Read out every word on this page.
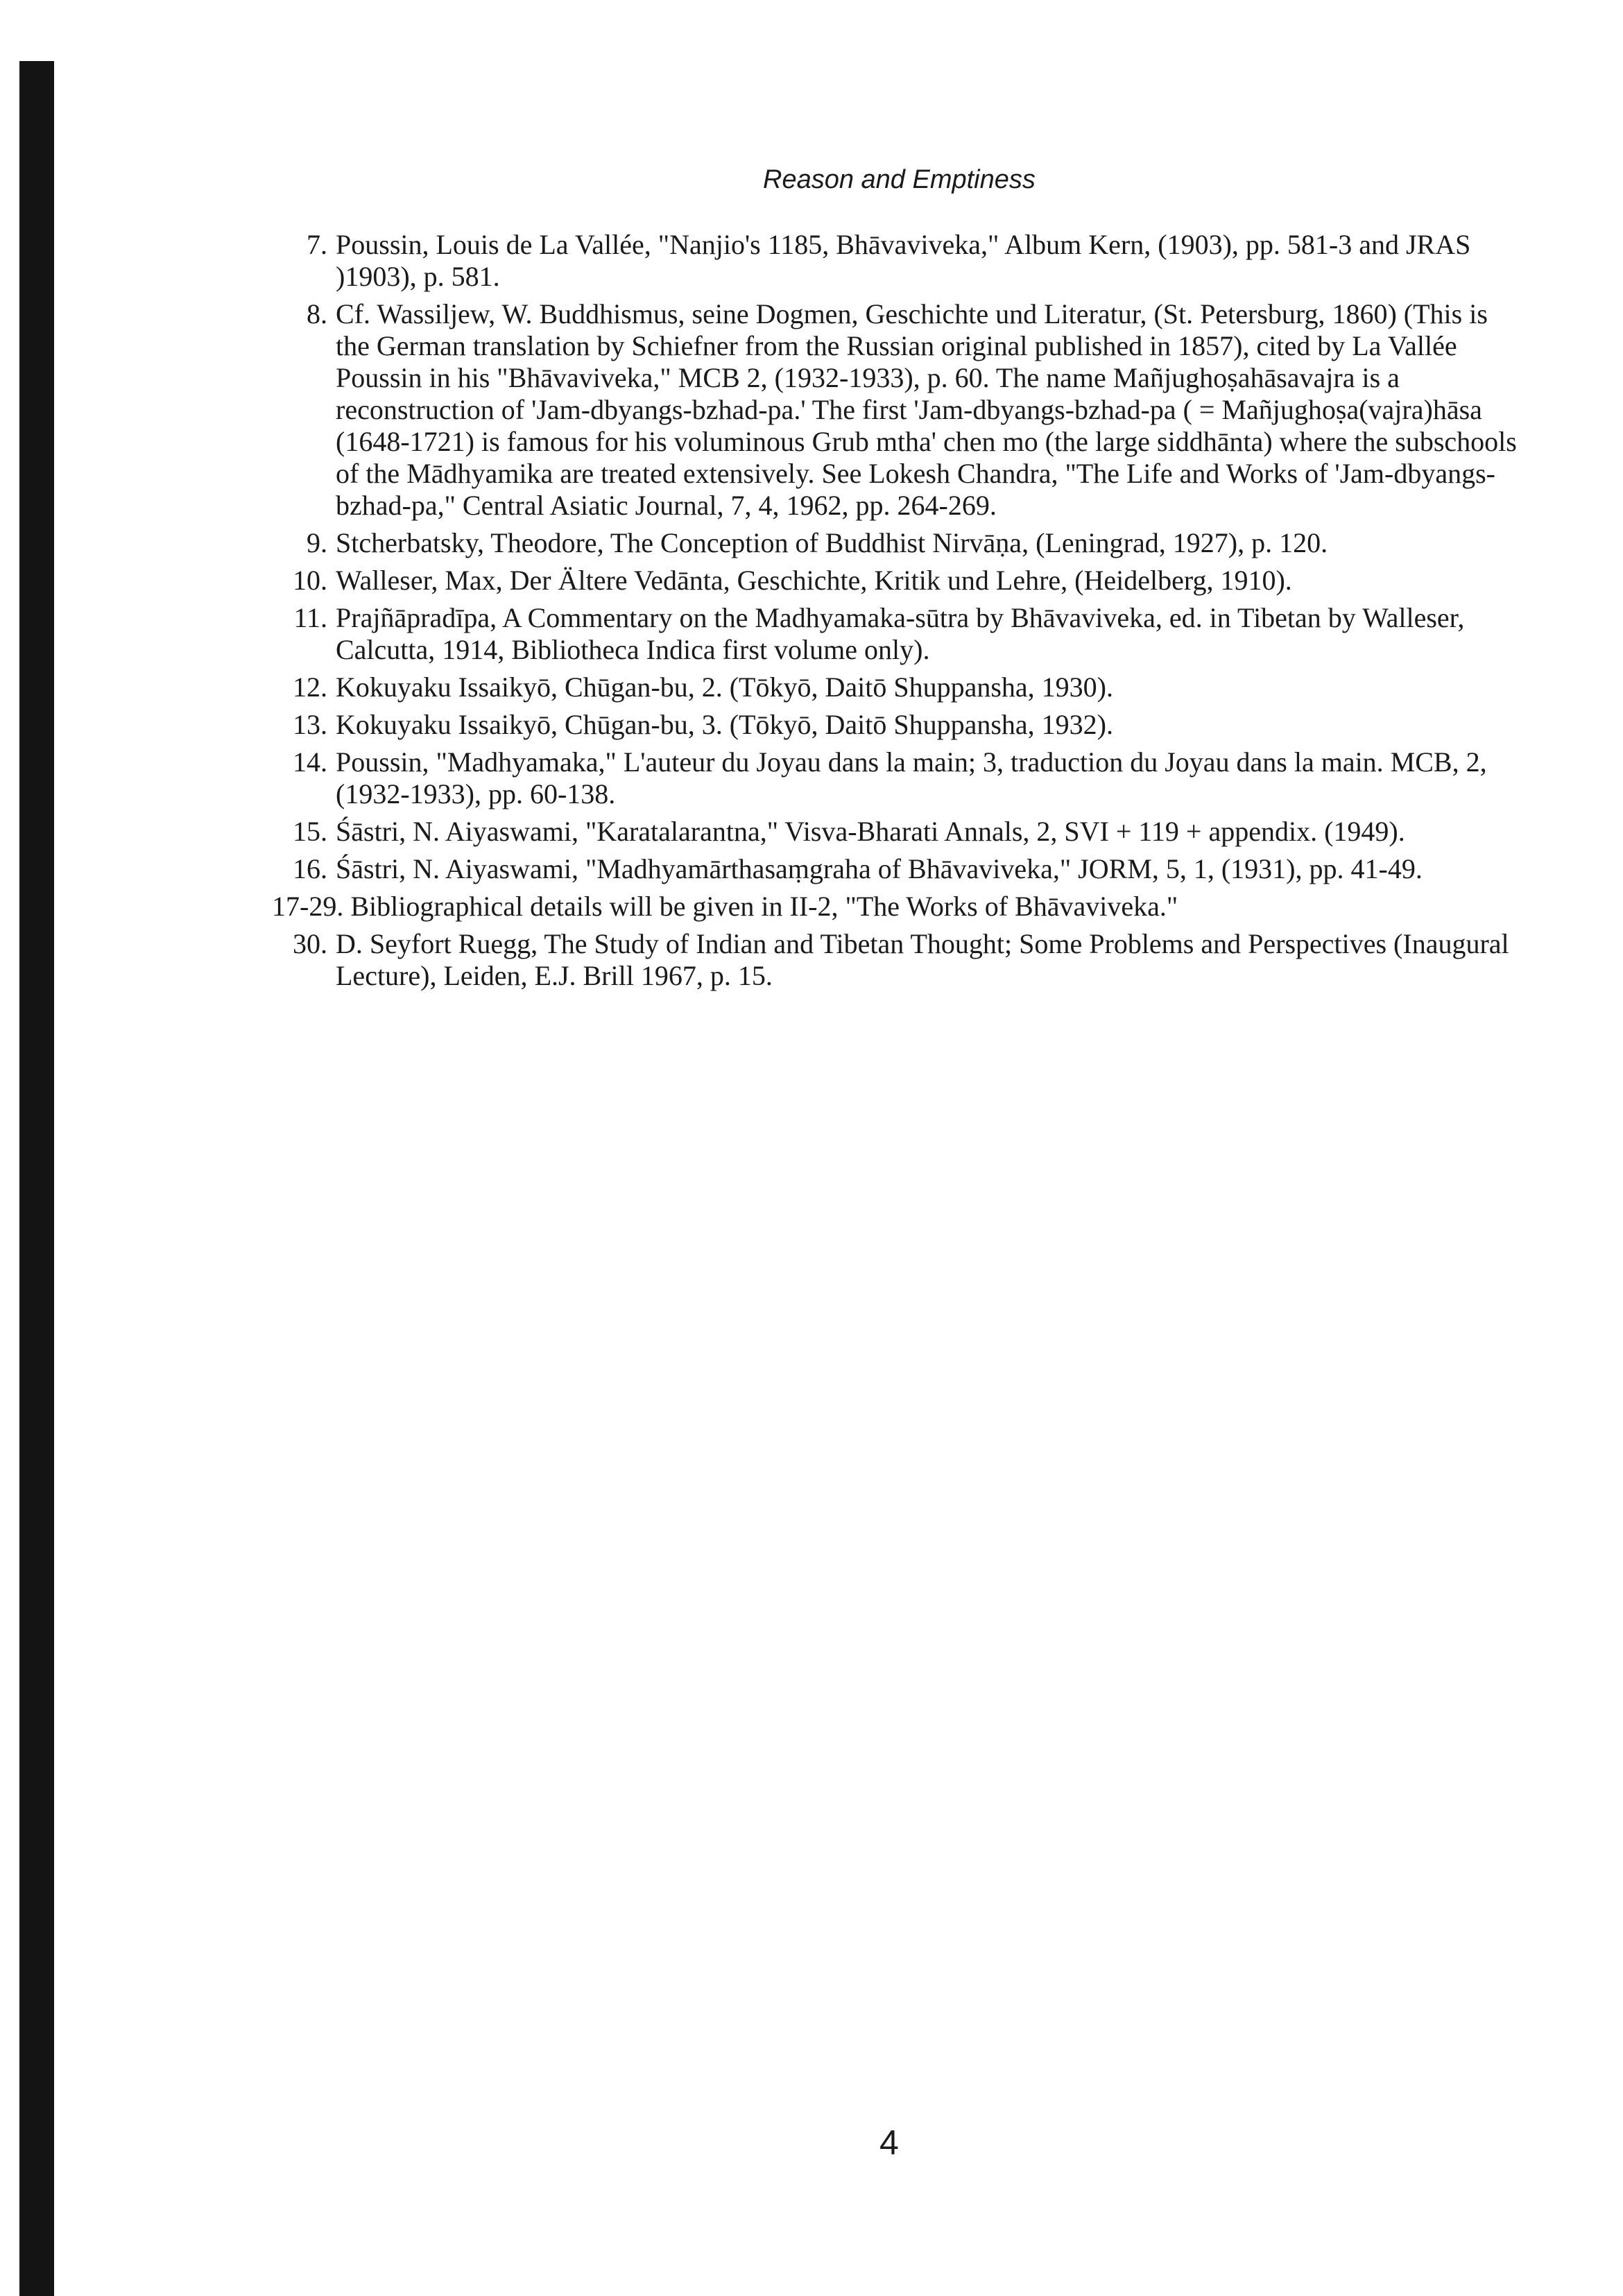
Reason and Emptiness
7. Poussin, Louis de La Vallée, "Nanjio's 1185, Bhāvaviveka," Album Kern, (1903), pp. 581-3 and JRAS )1903), p. 581.
8. Cf. Wassiljew, W. Buddhismus, seine Dogmen, Geschichte und Literatur, (St. Petersburg, 1860) (This is the German translation by Schiefner from the Russian original published in 1857), cited by La Vallée Poussin in his "Bhāvaviveka," MCB 2, (1932-1933), p. 60. The name Mañjughoṣahāsavajra is a reconstruction of 'Jam-dbyangs-bzhad-pa.' The first 'Jam-dbyangs-bzhad-pa ( = Mañjughoṣa(vajra)hāsa (1648-1721) is famous for his voluminous Grub mtha' chen mo (the large siddhānta) where the subschools of the Mādhyamika are treated extensively. See Lokesh Chandra, "The Life and Works of 'Jam-dbyangs-bzhad-pa," Central Asiatic Journal, 7, 4, 1962, pp. 264-269.
9. Stcherbatsky, Theodore, The Conception of Buddhist Nirvāṇa, (Leningrad, 1927), p. 120.
10. Walleser, Max, Der Ältere Vedānta, Geschichte, Kritik und Lehre, (Heidelberg, 1910).
11. Prajñāpradīpa, A Commentary on the Madhyamaka-sūtra by Bhāvaviveka, ed. in Tibetan by Walleser, Calcutta, 1914, Bibliotheca Indica first volume only).
12. Kokuyaku Issaikyō, Chūgan-bu, 2. (Tōkyō, Daitō Shuppansha, 1930).
13. Kokuyaku Issaikyō, Chūgan-bu, 3. (Tōkyō, Daitō Shuppansha, 1932).
14. Poussin, "Madhyamaka," L'auteur du Joyau dans la main; 3, traduction du Joyau dans la main. MCB, 2, (1932-1933), pp. 60-138.
15. Śāstri, N. Aiyaswami, "Karatalarantna," Visva-Bharati Annals, 2, SVI + 119 + appendix. (1949).
16. Śāstri, N. Aiyaswami, "Madhyamārthasaṃgraha of Bhāvaviveka," JORM, 5, 1, (1931), pp. 41-49.
17-29. Bibliographical details will be given in II-2, "The Works of Bhāvaviveka."
30. D. Seyfort Ruegg, The Study of Indian and Tibetan Thought; Some Problems and Perspectives (Inaugural Lecture), Leiden, E.J. Brill 1967, p. 15.
4
